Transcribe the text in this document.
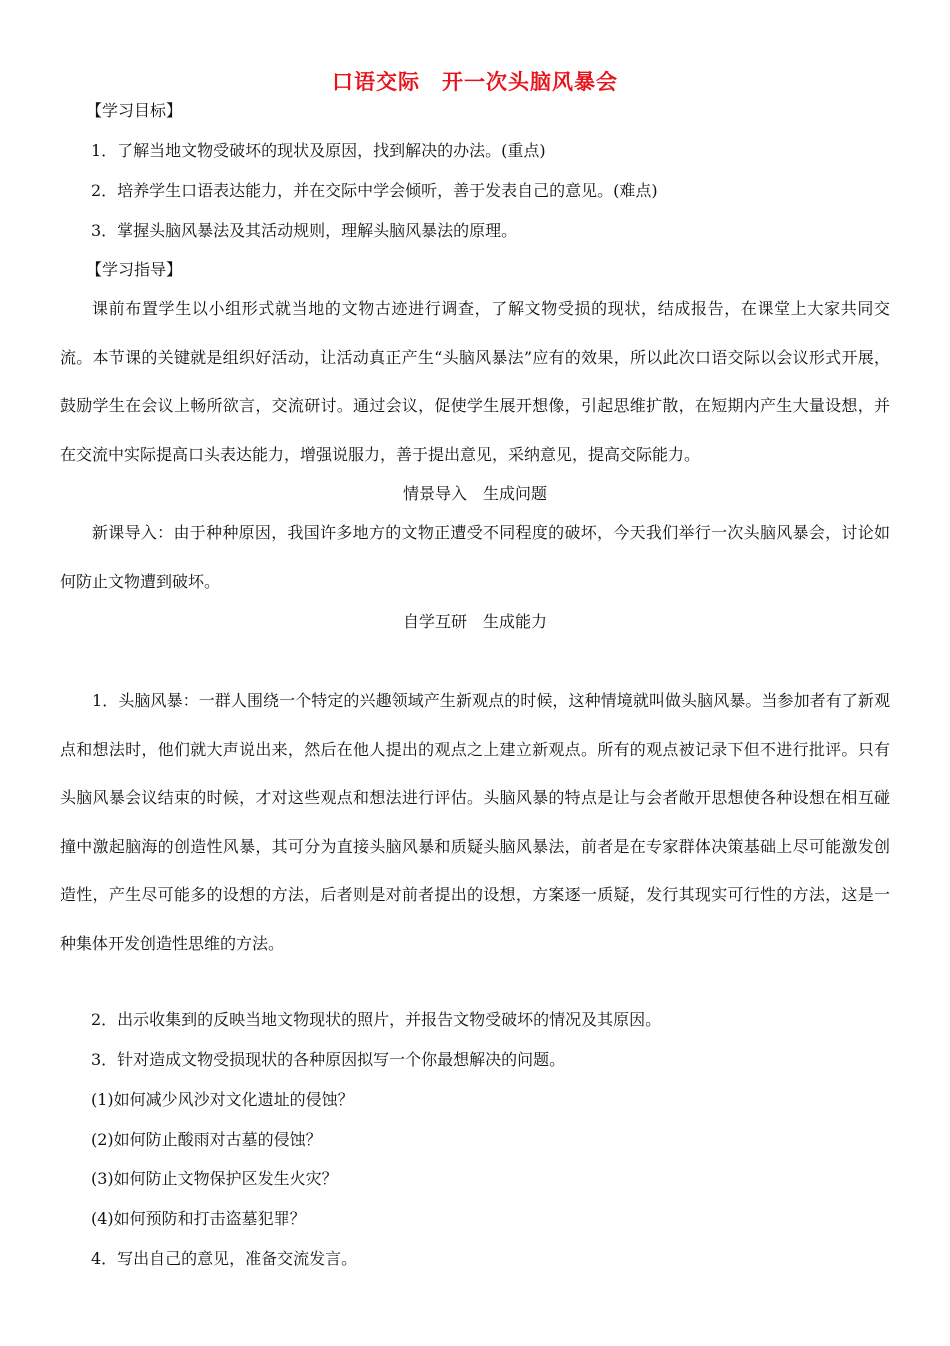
口语交际　开一次头脑风暴会
【学习目标】
1．了解当地文物受破坏的现状及原因，找到解决的办法。(重点)
2．培养学生口语表达能力，并在交际中学会倾听，善于发表自己的意见。(难点)
3．掌握头脑风暴法及其活动规则，理解头脑风暴法的原理。
【学习指导】
课前布置学生以小组形式就当地的文物古迹进行调查，了解文物受损的现状，结成报告，在课堂上大家共同交流。本节课的关键就是组织好活动，让活动真正产生“头脑风暴法”应有的效果，所以此次口语交际以会议形式开展，鼓励学生在会议上畅所欲言，交流研讨。通过会议，促使学生展开想像，引起思维扩散，在短期内产生大量设想，并在交流中实际提高口头表达能力，增强说服力，善于提出意见，采纳意见，提高交际能力。
情景导入　生成问题
新课导入：由于种种原因，我国许多地方的文物正遭受不同程度的破坏，今天我们举行一次头脑风暴会，讨论如何防止文物遭到破坏。
自学互研　生成能力
1．头脑风暴：一群人围绕一个特定的兴趣领域产生新观点的时候，这种情境就叫做头脑风暴。当参加者有了新观点和想法时，他们就大声说出来，然后在他人提出的观点之上建立新观点。所有的观点被记录下但不进行批评。只有头脑风暴会议结束的时候，才对这些观点和想法进行评估。头脑风暴的特点是让与会者敞开思想使各种设想在相互碰撞中激起脑海的创造性风暴，其可分为直接头脑风暴和质疑头脑风暴法，前者是在专家群体决策基础上尽可能激发创造性，产生尽可能多的设想的方法，后者则是对前者提出的设想，方案逐一质疑，发行其现实可行性的方法，这是一种集体开发创造性思维的方法。
2．出示收集到的反映当地文物现状的照片，并报告文物受破坏的情况及其原因。
3．针对造成文物受损现状的各种原因拟写一个你最想解决的问题。
(1)如何减少风沙对文化遗址的侵蚀？
(2)如何防止酸雨对古墓的侵蚀？
(3)如何防止文物保护区发生火灾？
(4)如何预防和打击盗墓犯罪？
4．写出自己的意见，准备交流发言。
